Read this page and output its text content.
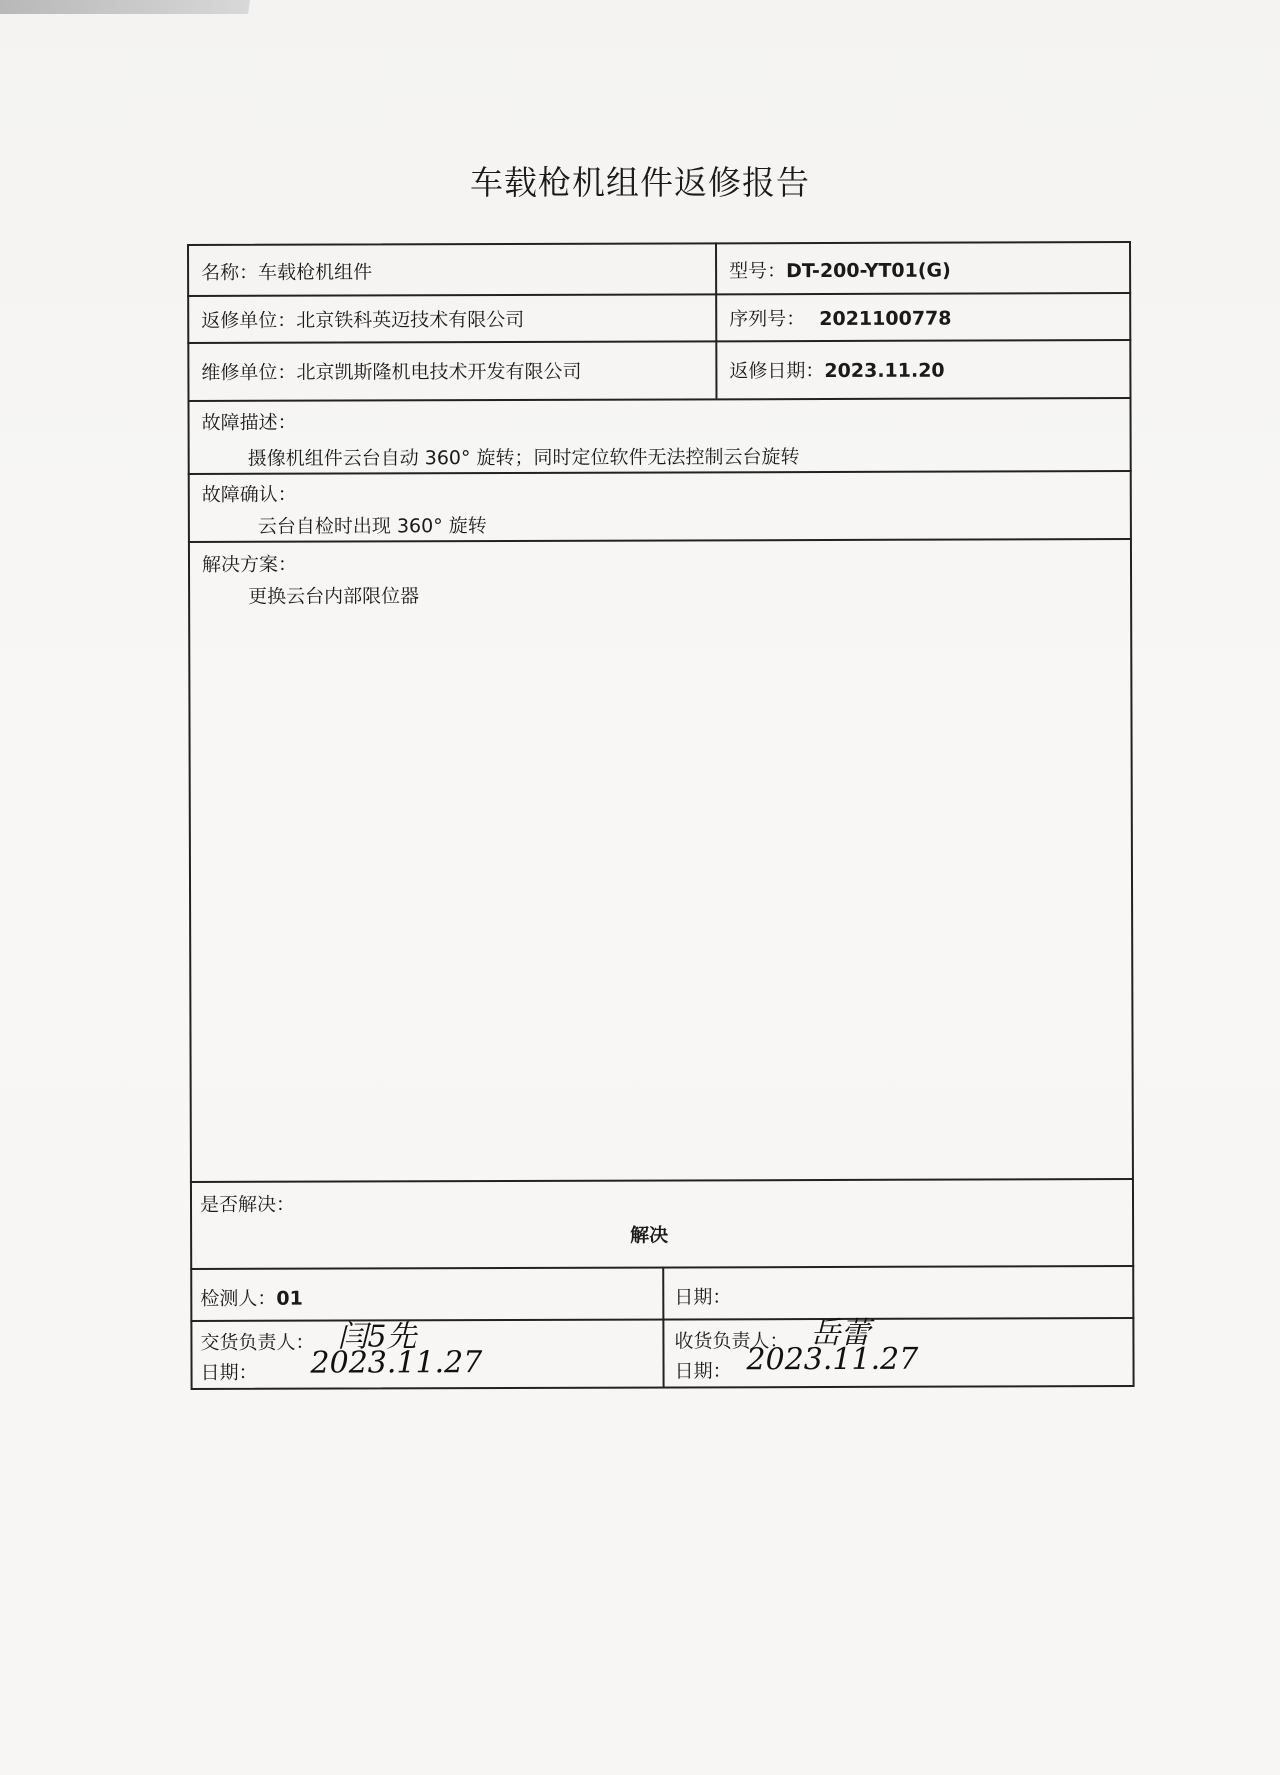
车载枪机组件返修报告
名称：车载枪机组件	型号：DT-200-YT01(G)
返修单位：北京铁科英迈技术有限公司	序列号： 2021100778
维修单位：北京凯斯隆机电技术开发有限公司	返修日期：2023.11.20
故障描述：
摄像机组件云台自动 360° 旋转；同时定位软件无法控制云台旋转
故障确认：
云台自检时出现 360° 旋转
解决方案：
更换云台内部限位器
是否解决：
解决
检测人：01	日期：
交货负责人： 闫5先
日期： 2023.11.27
收货负责人： 岳蕾
日期： 2023.11.27
